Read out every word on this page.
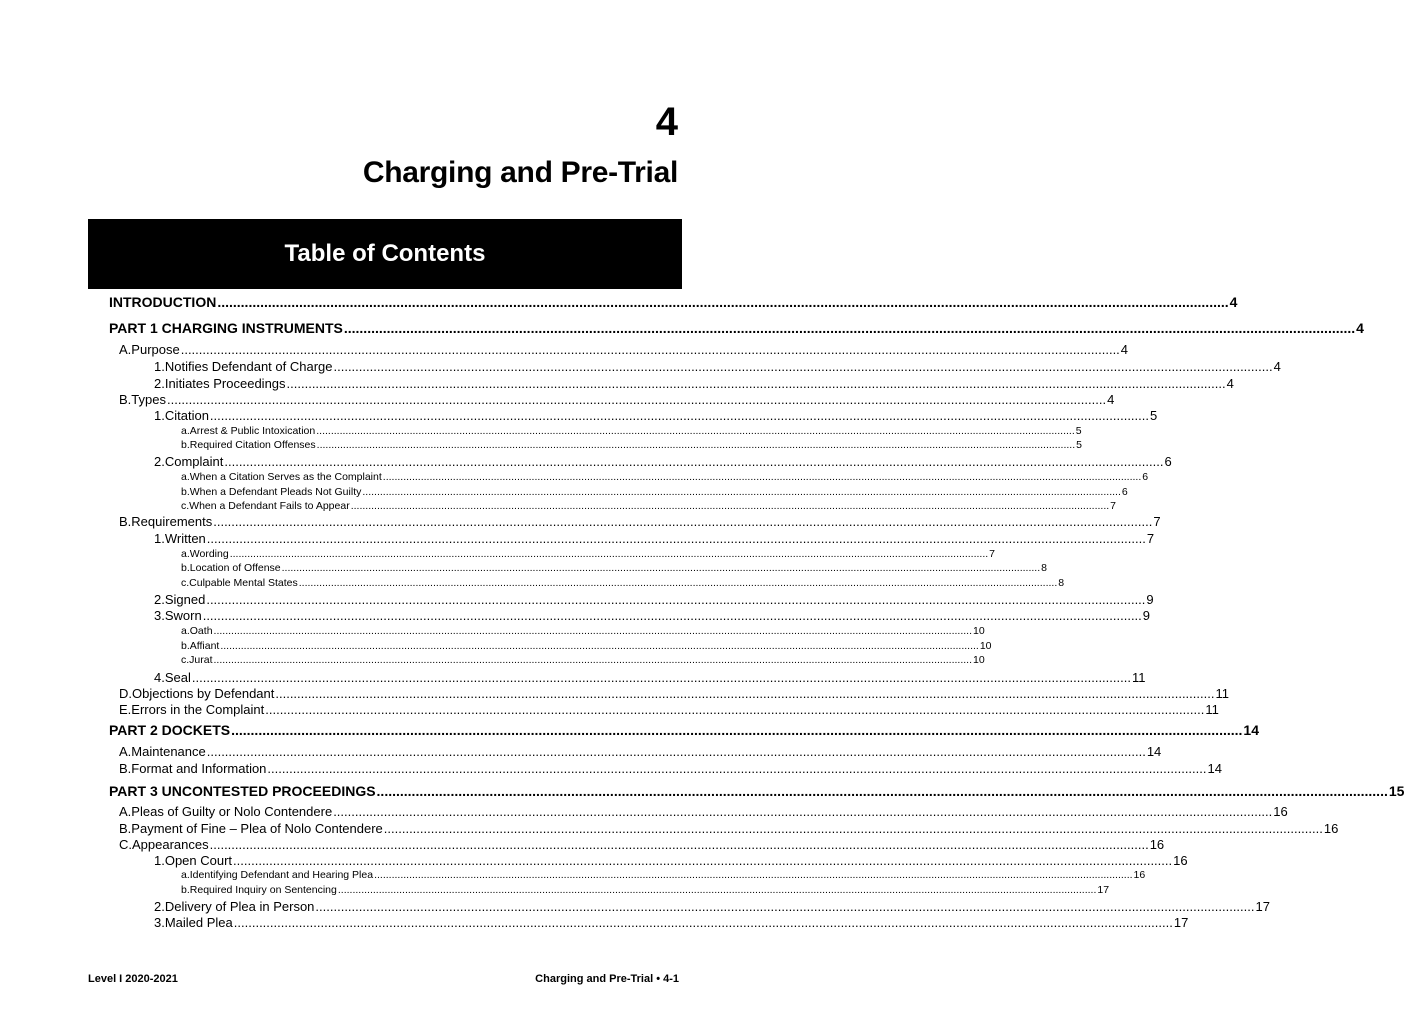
4
Charging and Pre-Trial
Table of Contents
INTRODUCTION .................................................................................................................................................................................................................................................................... 4
PART 1 CHARGING INSTRUMENTS .................................................................................................................................................................................................................................................................... 4
A. Purpose .................................................................................................................................................................................................................................................................... 4
1. Notifies Defendant of Charge .................................................................................................................................................................................................................................................................... 4
2. Initiates Proceedings .................................................................................................................................................................................................................................................................... 4
B. Types .................................................................................................................................................................................................................................................................... 4
1. Citation .................................................................................................................................................................................................................................................................... 5
a. Arrest & Public Intoxication .................................................................................................................................................................................................................................................................... 5
b. Required Citation Offenses .................................................................................................................................................................................................................................................................... 5
2. Complaint .................................................................................................................................................................................................................................................................... 6
a. When a Citation Serves as the Complaint .................................................................................................................................................................................................................................................................... 6
b. When a Defendant Pleads Not Guilty .................................................................................................................................................................................................................................................................... 6
c. When a Defendant Fails to Appear .................................................................................................................................................................................................................................................................... 7
B. Requirements .................................................................................................................................................................................................................................................................... 7
1. Written .................................................................................................................................................................................................................................................................... 7
a. Wording .................................................................................................................................................................................................................................................................... 7
b. Location of Offense .................................................................................................................................................................................................................................................................... 8
c. Culpable Mental States .................................................................................................................................................................................................................................................................... 8
2. Signed .................................................................................................................................................................................................................................................................... 9
3. Sworn .................................................................................................................................................................................................................................................................... 9
a. Oath .................................................................................................................................................................................................................................................................... 10
b. Affiant .................................................................................................................................................................................................................................................................... 10
c. Jurat .................................................................................................................................................................................................................................................................... 10
4. Seal .................................................................................................................................................................................................................................................................... 11
D. Objections by Defendant .................................................................................................................................................................................................................................................................... 11
E. Errors in the Complaint .................................................................................................................................................................................................................................................................... 11
PART 2 DOCKETS .................................................................................................................................................................................................................................................................... 14
A. Maintenance .................................................................................................................................................................................................................................................................... 14
B. Format and Information .................................................................................................................................................................................................................................................................... 14
PART 3 UNCONTESTED PROCEEDINGS .................................................................................................................................................................................................................................................................... 15
A. Pleas of Guilty or Nolo Contendere .................................................................................................................................................................................................................................................................... 16
B. Payment of Fine – Plea of Nolo Contendere .................................................................................................................................................................................................................................................................... 16
C. Appearances .................................................................................................................................................................................................................................................................... 16
1. Open Court .................................................................................................................................................................................................................................................................... 16
a. Identifying Defendant and Hearing Plea .................................................................................................................................................................................................................................................................... 16
b. Required Inquiry on Sentencing .................................................................................................................................................................................................................................................................... 17
2. Delivery of Plea in Person .................................................................................................................................................................................................................................................................... 17
3. Mailed Plea .................................................................................................................................................................................................................................................................... 17
Level I 2020-2021	Charging and Pre-Trial • 4-1
